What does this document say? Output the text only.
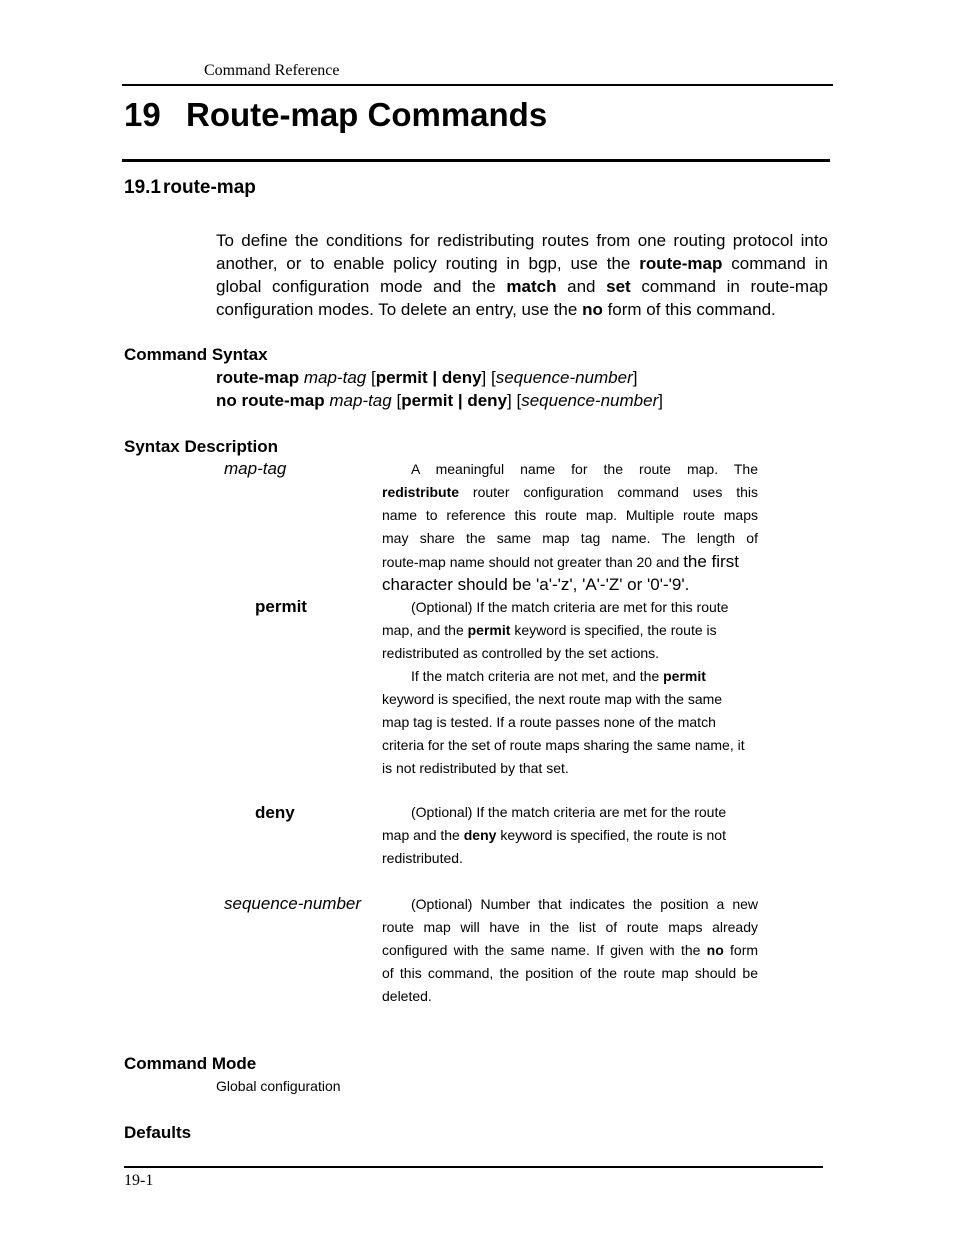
Command Reference
19 Route-map Commands
19.1 route-map
To define the conditions for redistributing routes from one routing protocol into
another, or to enable policy routing in bgp, use the route-map command in
global configuration mode and the match and set command in route-map
configuration modes. To delete an entry, use the no form of this command.
Command Syntax
route-map map-tag [permit | deny] [sequence-number]
no route-map map-tag [permit | deny] [sequence-number]
Syntax Description
map-tag	A meaningful name for the route map. The
redistribute router configuration command uses this
name to reference this route map. Multiple route maps
may share the same map tag name. The length of
route-map name should not greater than 20 and the first
character should be 'a'-'z', 'A'-'Z' or '0'-'9'.
permit	(Optional) If the match criteria are met for this route
map, and the permit keyword is specified, the route is
redistributed as controlled by the set actions.
If the match criteria are not met, and the permit
keyword is specified, the next route map with the same
map tag is tested. If a route passes none of the match
criteria for the set of route maps sharing the same name, it
is not redistributed by that set.
deny	(Optional) If the match criteria are met for the route
map and the deny keyword is specified, the route is not
redistributed.
sequence-number	(Optional) Number that indicates the position a new
route map will have in the list of route maps already
configured with the same name. If given with the no form
of this command, the position of the route map should be
deleted.
Command Mode
Global configuration
Defaults
19-1
